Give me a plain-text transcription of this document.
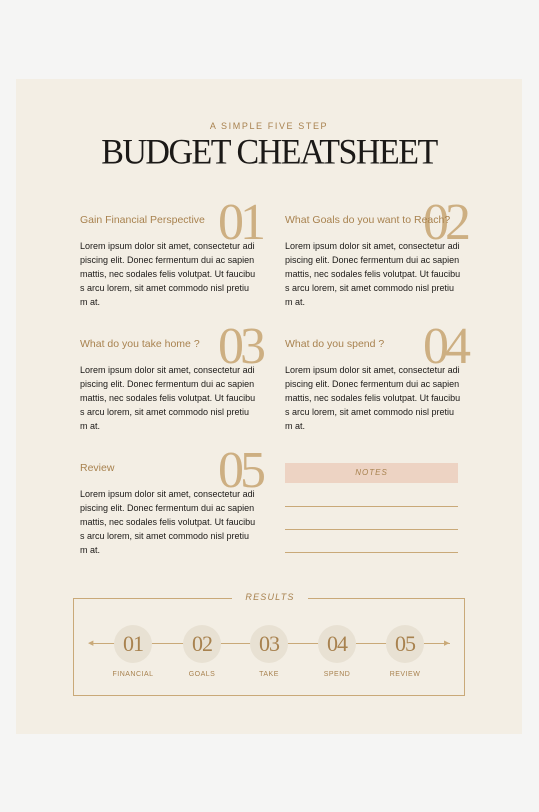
A SIMPLE FIVE STEP
BUDGET CHEATSHEET
01
Gain Financial Perspective
Lorem ipsum dolor sit amet, consectetur adipiscing elit. Donec fermentum dui ac sapien mattis, nec sodales felis volutpat. Ut faucibus arcu lorem, sit amet commodo nisl pretium at.
02
What Goals do you want to Reach?
Lorem ipsum dolor sit amet, consectetur adipiscing elit. Donec fermentum dui ac sapien mattis, nec sodales felis volutpat. Ut faucibus arcu lorem, sit amet commodo nisl pretium at.
03
What do you take home ?
Lorem ipsum dolor sit amet, consectetur adipiscing elit. Donec fermentum dui ac sapien mattis, nec sodales felis volutpat. Ut faucibus arcu lorem, sit amet commodo nisl pretium at.
04
What do you spend ?
Lorem ipsum dolor sit amet, consectetur adipiscing elit. Donec fermentum dui ac sapien mattis, nec sodales felis volutpat. Ut faucibus arcu lorem, sit amet commodo nisl pretium at.
05
Review
Lorem ipsum dolor sit amet, consectetur adipiscing elit. Donec fermentum dui ac sapien mattis, nec sodales felis volutpat. Ut faucibus arcu lorem, sit amet commodo nisl pretium at.
NOTES
RESULTS
◀	▶
01	02	03	04	05
FINANCIAL	GOALS	TAKE	SPEND	REVIEW
